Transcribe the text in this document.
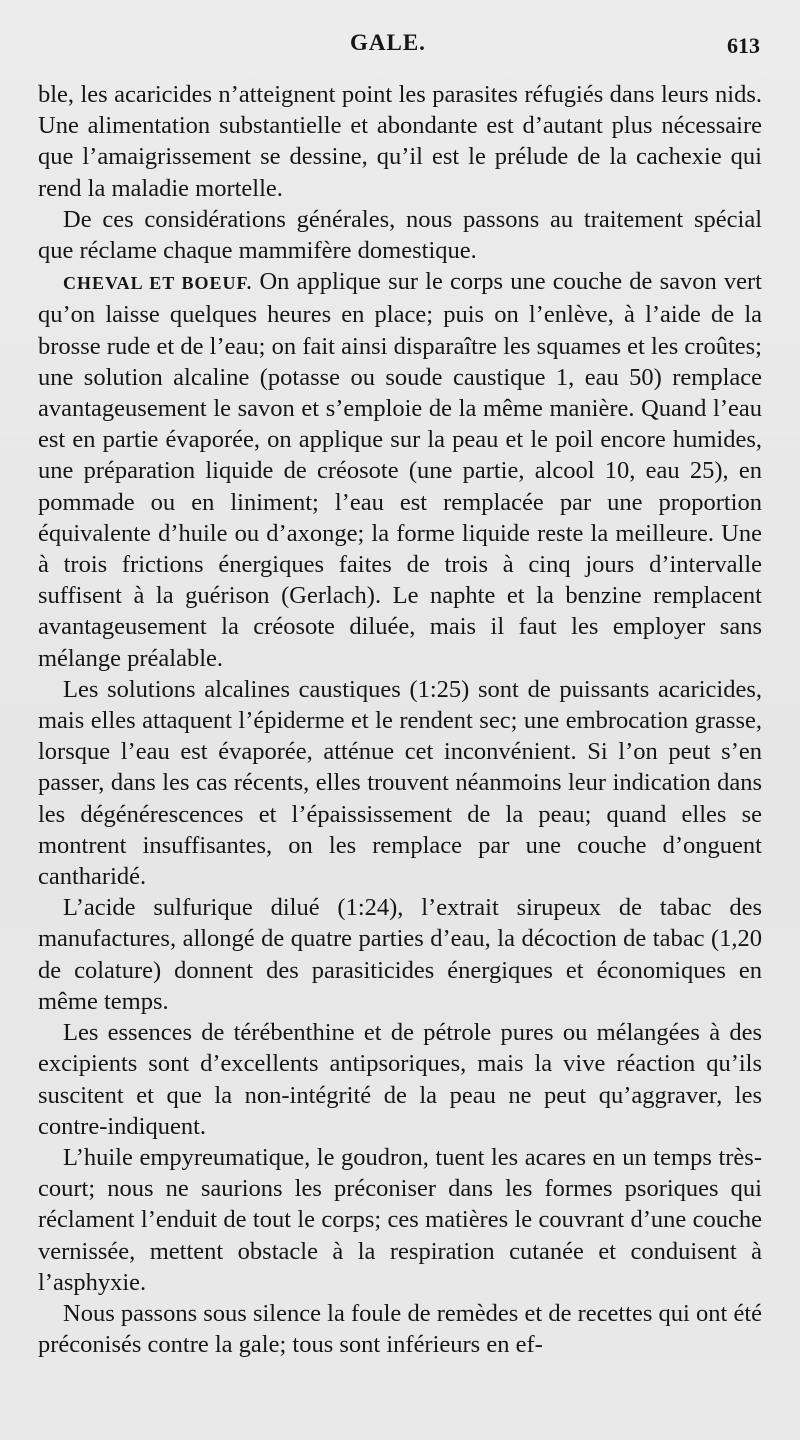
GALE.	613

ble, les acaricides n’atteignent point les parasites réfugiés dans leurs nids. Une alimentation substantielle et abondante est d’autant plus nécessaire que l’amaigrissement se dessine, qu’il est le prélude de la cachexie qui rend la maladie mortelle.

De ces considérations générales, nous passons au traitement spécial que réclame chaque mammifère domestique.

CHEVAL ET BOEUF. On applique sur le corps une couche de savon vert qu’on laisse quelques heures en place; puis on l’enlève, à l’aide de la brosse rude et de l’eau; on fait ainsi disparaître les squames et les croûtes; une solution alcaline (potasse ou soude caustique 1, eau 50) remplace avantageusement le savon et s’emploie de la même manière. Quand l’eau est en partie évaporée, on applique sur la peau et le poil encore humides, une préparation liquide de créosote (une partie, alcool 10, eau 25), en pommade ou en liniment; l’eau est remplacée par une proportion équivalente d’huile ou d’axonge; la forme liquide reste la meilleure. Une à trois frictions énergiques faites de trois à cinq jours d’intervalle suffisent à la guérison (Gerlach). Le naphte et la benzine remplacent avantageusement la créosote diluée, mais il faut les employer sans mélange préalable.

Les solutions alcalines caustiques (1:25) sont de puissants acaricides, mais elles attaquent l’épiderme et le rendent sec; une embrocation grasse, lorsque l’eau est évaporée, atténue cet inconvénient. Si l’on peut s’en passer, dans les cas récents, elles trouvent néanmoins leur indication dans les dégénérescences et l’épaississement de la peau; quand elles se montrent insuffisantes, on les remplace par une couche d’onguent cantharidé.

L’acide sulfurique dilué (1:24), l’extrait sirupeux de tabac des manufactures, allongé de quatre parties d’eau, la décoction de tabac (1,20 de colature) donnent des parasiticides énergiques et économiques en même temps.

Les essences de térébenthine et de pétrole pures ou mélangées à des excipients sont d’excellents antipsoriques, mais la vive réaction qu’ils suscitent et que la non-intégrité de la peau ne peut qu’aggraver, les contre-indiquent.

L’huile empyreumatique, le goudron, tuent les acares en un temps très-court; nous ne saurions les préconiser dans les formes psoriques qui réclament l’enduit de tout le corps; ces matières le couvrant d’une couche vernissée, mettent obstacle à la respiration cutanée et conduisent à l’asphyxie.

Nous passons sous silence la foule de remèdes et de recettes qui ont été préconisés contre la gale; tous sont inférieurs en ef-
